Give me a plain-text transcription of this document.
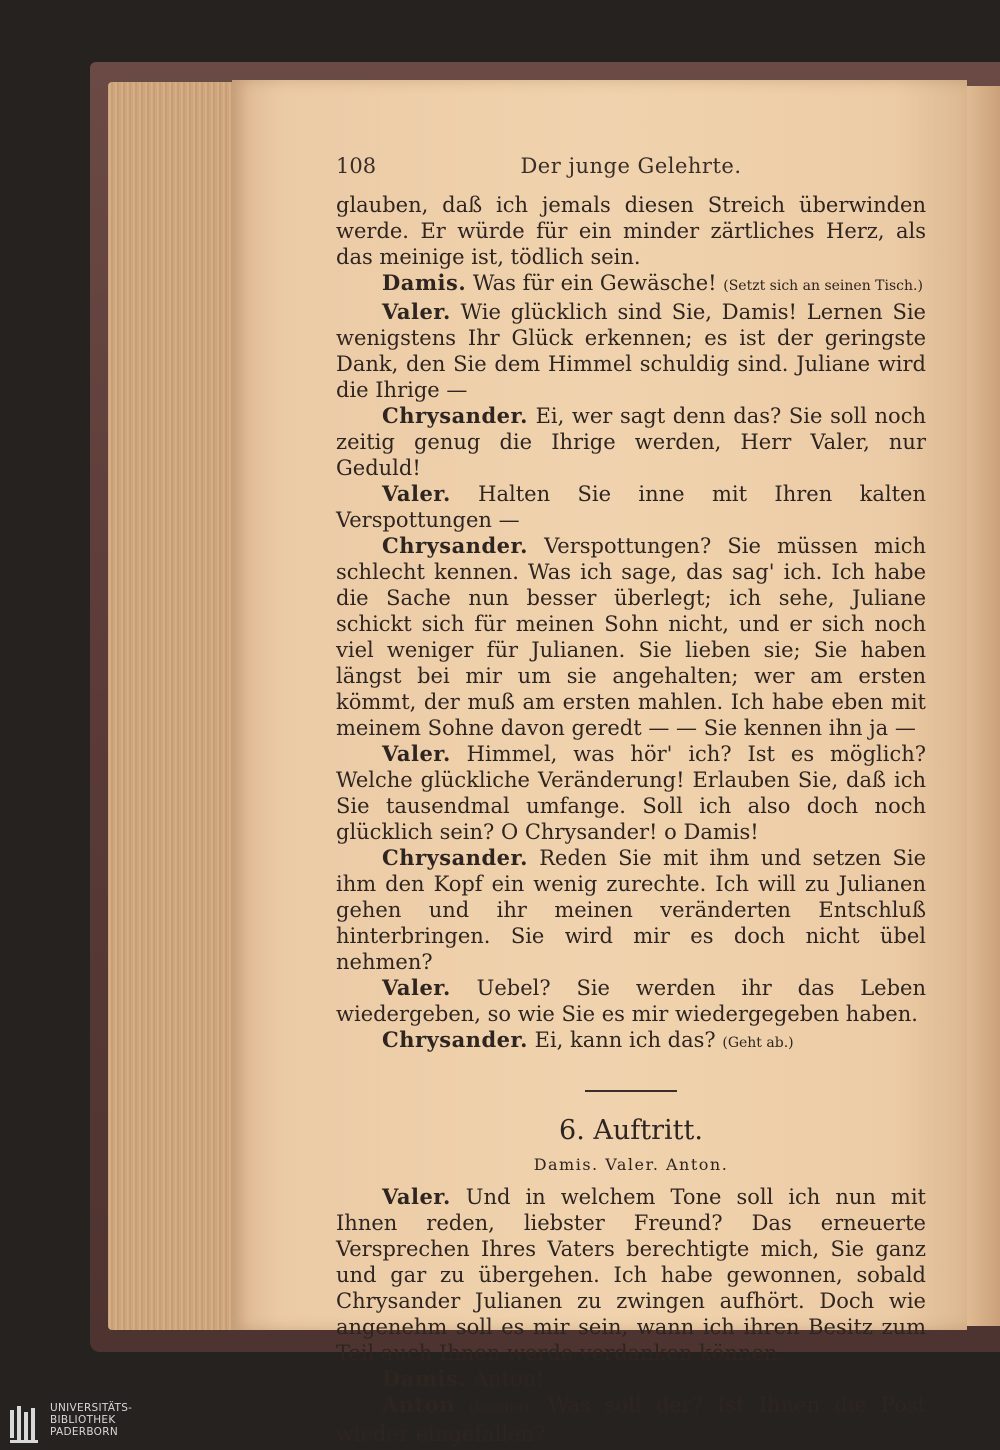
108	Der junge Gelehrte.

glauben, daß ich jemals diesen Streich überwinden werde. Er würde für ein minder zärtliches Herz, als das meinige ist, tödlich sein.

Damis. Was für ein Gewäsche! (Setzt sich an seinen Tisch.)

Valer. Wie glücklich sind Sie, Damis! Lernen Sie wenigstens Ihr Glück erkennen; es ist der geringste Dank, den Sie dem Himmel schuldig sind. Juliane wird die Ihrige —

Chrysander. Ei, wer sagt denn das? Sie soll noch zeitig genug die Ihrige werden, Herr Valer, nur Geduld!

Valer. Halten Sie inne mit Ihren kalten Verspottungen —

Chrysander. Verspottungen? Sie müssen mich schlecht kennen. Was ich sage, das sag' ich. Ich habe die Sache nun besser überlegt; ich sehe, Juliane schickt sich für meinen Sohn nicht, und er sich noch viel weniger für Julianen. Sie lieben sie; Sie haben längst bei mir um sie angehalten; wer am ersten kömmt, der muß am ersten mahlen. Ich habe eben mit meinem Sohne davon geredt — — Sie kennen ihn ja —

Valer. Himmel, was hör' ich? Ist es möglich? Welche glückliche Veränderung! Erlauben Sie, daß ich Sie tausendmal umfange. Soll ich also doch noch glücklich sein? O Chrysander! o Damis!

Chrysander. Reden Sie mit ihm und setzen Sie ihm den Kopf ein wenig zurechte. Ich will zu Julianen gehen und ihr meinen veränderten Entschluß hinterbringen. Sie wird mir es doch nicht übel nehmen?

Valer. Uebel? Sie werden ihr das Leben wiedergeben, so wie Sie es mir wiedergegeben haben.

Chrysander. Ei, kann ich das? (Geht ab.)

6. Auftritt.

Damis. Valer. Anton.

Valer. Und in welchem Tone soll ich nun mit Ihnen reden, liebster Freund? Das erneuerte Versprechen Ihres Vaters berechtigte mich, Sie ganz und gar zu übergehen. Ich habe gewonnen, sobald Chrysander Julianen zu zwingen aufhört. Doch wie angenehm soll es mir sein, wann ich ihren Besitz zum Teil auch Ihnen werde verdanken können.

Damis. Anton!

Anton (kömmt). Was soll der? Ist Ihnen die Post wieder eingefallen?

UNIVERSITÄTS-
BIBLIOTHEK
PADERBORN
